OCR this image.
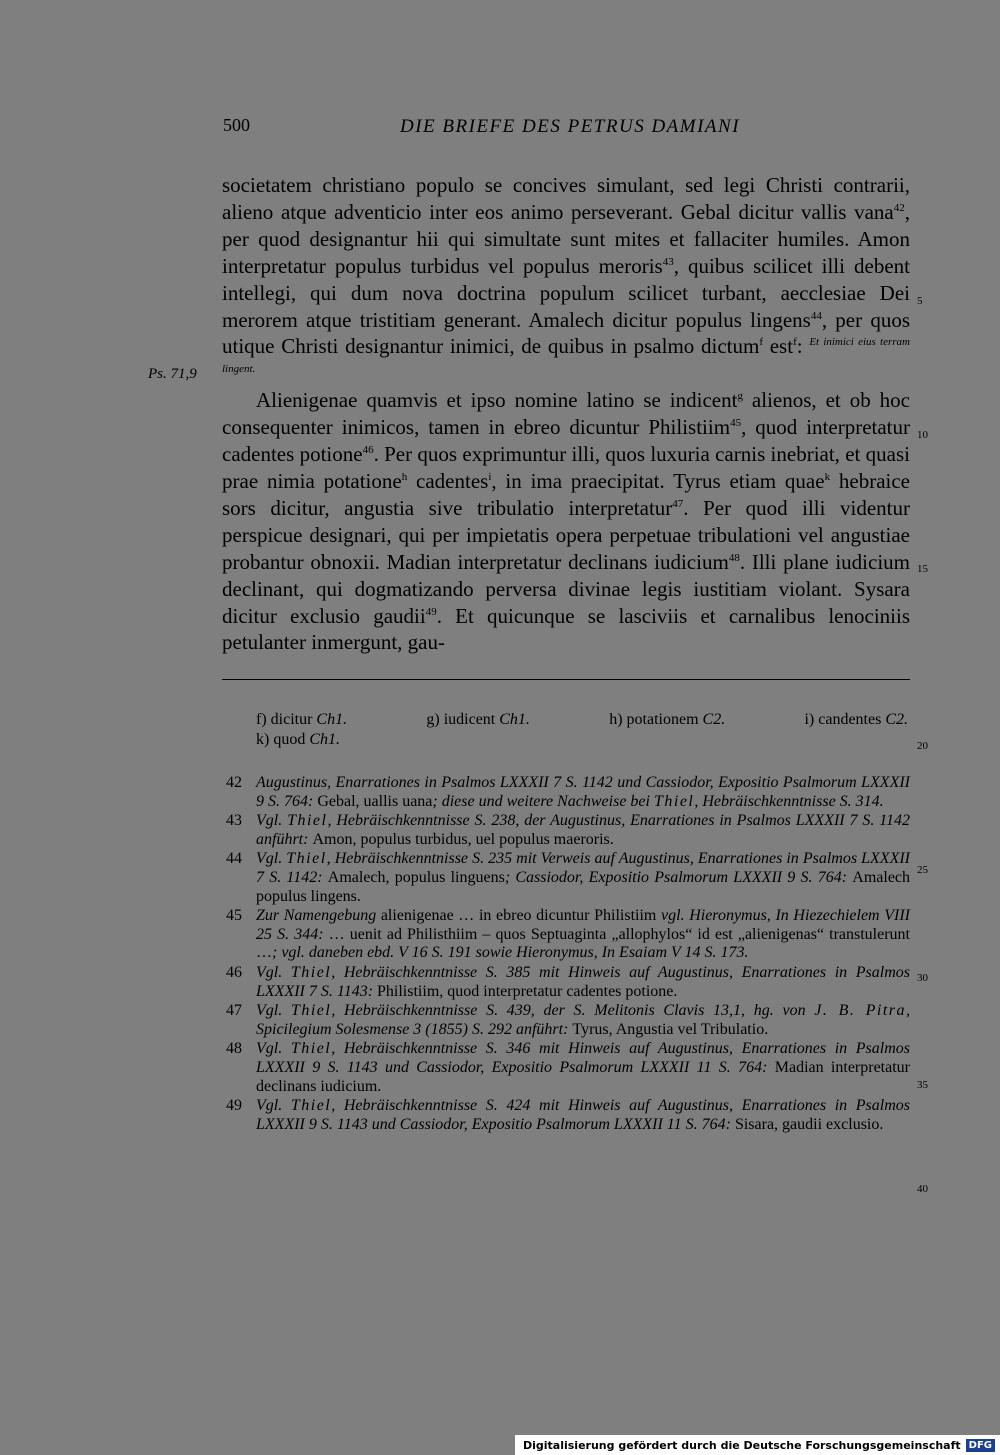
500	DIE BRIEFE DES PETRUS DAMIANI
Ps. 71,9

societatem christiano populo se concives simulant, sed legi Christi contrarii, alieno atque adventicio inter eos animo perseverant. Gebal dicitur vallis vana$^{42}$, per quod designantur hii qui simultate sunt mites et fallaciter humiles. Amon interpretatur populus turbidus vel populus meroris$^{43}$, quibus scilicet illi debent intellegi, qui dum nova doctrina populum scilicet turbant, aecclesiae Dei merorem atque tristitiam generant. Amalech dicitur populus lingens$^{44}$, per quos utique Christi designantur inimici, de quibus in psalmo dictum$^f$ est$^f$: $^{Et inimici eius terram lingent.}$

Alienigenae quamvis et ipso nomine latino se indicent$^g$ alienos, et ob hoc consequenter inimicos, tamen in ebreo dicuntur Philistiim$^{45}$, quod interpretatur cadentes potione$^{46}$. Per quos exprimuntur illi, quos luxuria carnis inebriat, et quasi prae nimia potatione$^h$ cadentes$^i$, in ima praecipitat. Tyrus etiam quae$^k$ hebraice sors dicitur, angustia sive tribulatio interpretatur$^{47}$. Per quod illi videntur perspicue designari, qui per impietatis opera perpetuae tribulationi vel angustiae probantur obnoxii. Madian interpretatur declinans iudicium$^{48}$. Illi plane iudicium declinant, qui dogmatizando perversa divinae legis iustitiam violant. Sysara dicitur exclusio gaudii$^{49}$. Et quicunque se lasciviis et carnalibus lenociniis petulanter inmergunt, gau-

5
10
15
20
25
30
35
40
f) dicitur Ch1.	g) iudicent Ch1.	h) potationem C2.	i) candentes C2.
k) quod Ch1.
42 Augustinus, Enarrationes in Psalmos LXXXII 7 S. 1142 und Cassiodor, Expositio Psalmorum LXXXII 9 S. 764: Gebal, uallis uana; diese und weitere Nachweise bei Thiel, Hebräischkenntnisse S. 314.
43 Vgl. Thiel, Hebräischkenntnisse S. 238, der Augustinus, Enarrationes in Psalmos LXXXII 7 S. 1142 anführt: Amon, populus turbidus, uel populus maeroris.
44 Vgl. Thiel, Hebräischkenntnisse S. 235 mit Verweis auf Augustinus, Enarrationes in Psalmos LXXXII 7 S. 1142: Amalech, populus linguens; Cassiodor, Expositio Psalmorum LXXXII 9 S. 764: Amalech populus lingens.
45 Zur Namengebung alienigenae … in ebreo dicuntur Philistiim vgl. Hieronymus, In Hiezechielem VIII 25 S. 344: … uenit ad Philisthiim – quos Septuaginta „allophylos“ id est „alienigenas“ transtulerunt …; vgl. daneben ebd. V 16 S. 191 sowie Hieronymus, In Esaiam V 14 S. 173.
46 Vgl. Thiel, Hebräischkenntnisse S. 385 mit Hinweis auf Augustinus, Enarrationes in Psalmos LXXXII 7 S. 1143: Philistiim, quod interpretatur cadentes potione.
47 Vgl. Thiel, Hebräischkenntnisse S. 439, der S. Melitonis Clavis 13,1, hg. von J. B. Pitra, Spicilegium Solesmense 3 (1855) S. 292 anführt: Tyrus, Angustia vel Tribulatio.
48 Vgl. Thiel, Hebräischkenntnisse S. 346 mit Hinweis auf Augustinus, Enarrationes in Psalmos LXXXII 9 S. 1143 und Cassiodor, Expositio Psalmorum LXXXII 11 S. 764: Madian interpretatur declinans iudicium.
49 Vgl. Thiel, Hebräischkenntnisse S. 424 mit Hinweis auf Augustinus, Enarrationes in Psalmos LXXXII 9 S. 1143 und Cassiodor, Expositio Psalmorum LXXXII 11 S. 764: Sisara, gaudii exclusio.
Digitalisierung gefördert durch die Deutsche Forschungsgemeinschaft DFG
